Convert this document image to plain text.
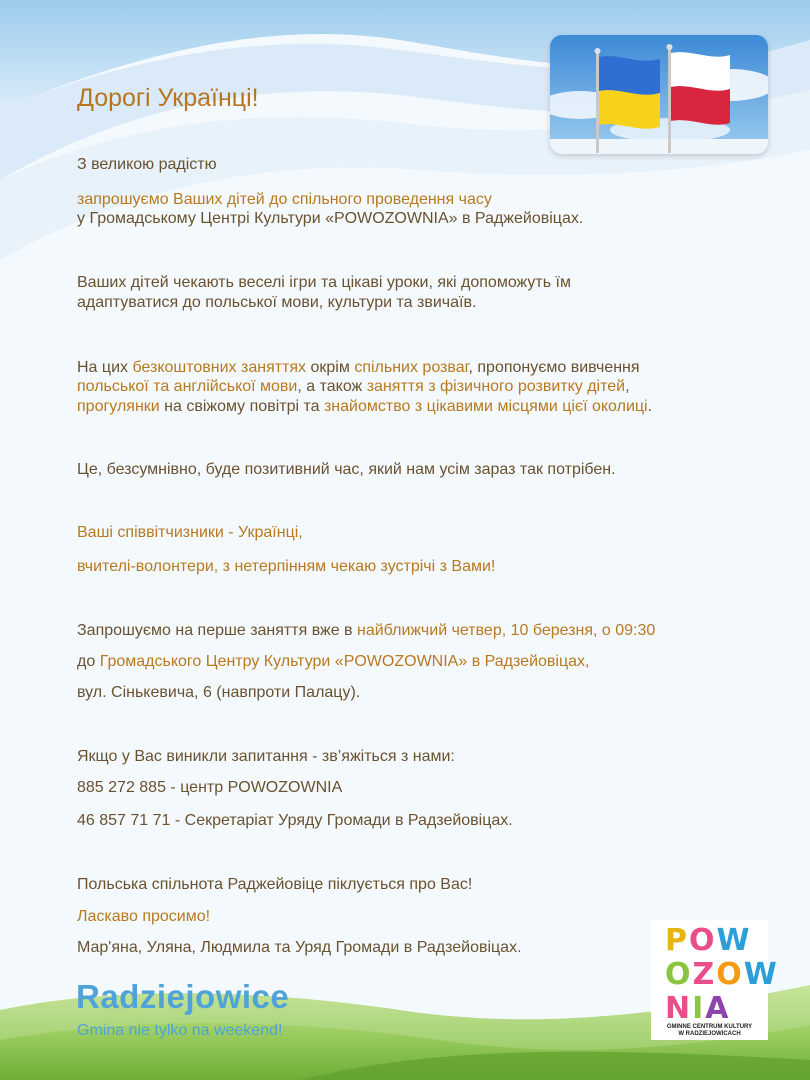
Дорогі Українці!

З великою радістю

запрошуємо Ваших дітей до спільного проведення часу

у Громадському Центрі Культури «POWOZOWNIA» в Раджейовіцах.

Ваших дітей чекають веселі ігри та цікаві уроки, які допоможуть їм

адаптуватися до польської мови, культури та звичаїв.

На цих безкоштовних заняттях окрім спільних розваг, пропонуємо вивчення

польської та англійської мови, а також заняття з фізичного розвитку дітей,

прогулянки на свіжому повітрі та знайомство з цікавими місцями цієї околиці.

Це, безсумнівно, буде позитивний час, який нам усім зараз так потрібен.

Ваші співвітчизники - Українці,

вчителі-волонтери, з нетерпінням чекаю зустрічі з Вами!

Запрошуємо на перше заняття вже в найближчий четвер, 10 березня, о 09:30

до Громадського Центру Культури «POWOZOWNIA» в Радзейовіцах,

вул. Сінькевича, 6 (навпроти Палацу).

Якщо у Вас виникли запитання - зв’яжіться з нами:

885 272 885 - центр POWOZOWNIA

46 857 71 71 - Секретаріат Уряду Громади в Радзейовіцах.

Польська спільнота Раджейовіце піклується про Вас!

Ласкаво просимо!

Мар'яна, Уляна, Людмила та Уряд Громади в Радзейовіцах.

Radziejowice

Gmina nie tylko na weekend!

POW
OZOW
NIA
GMINNE CENTRUM KULTURY
W RADZIEJOWICACH
